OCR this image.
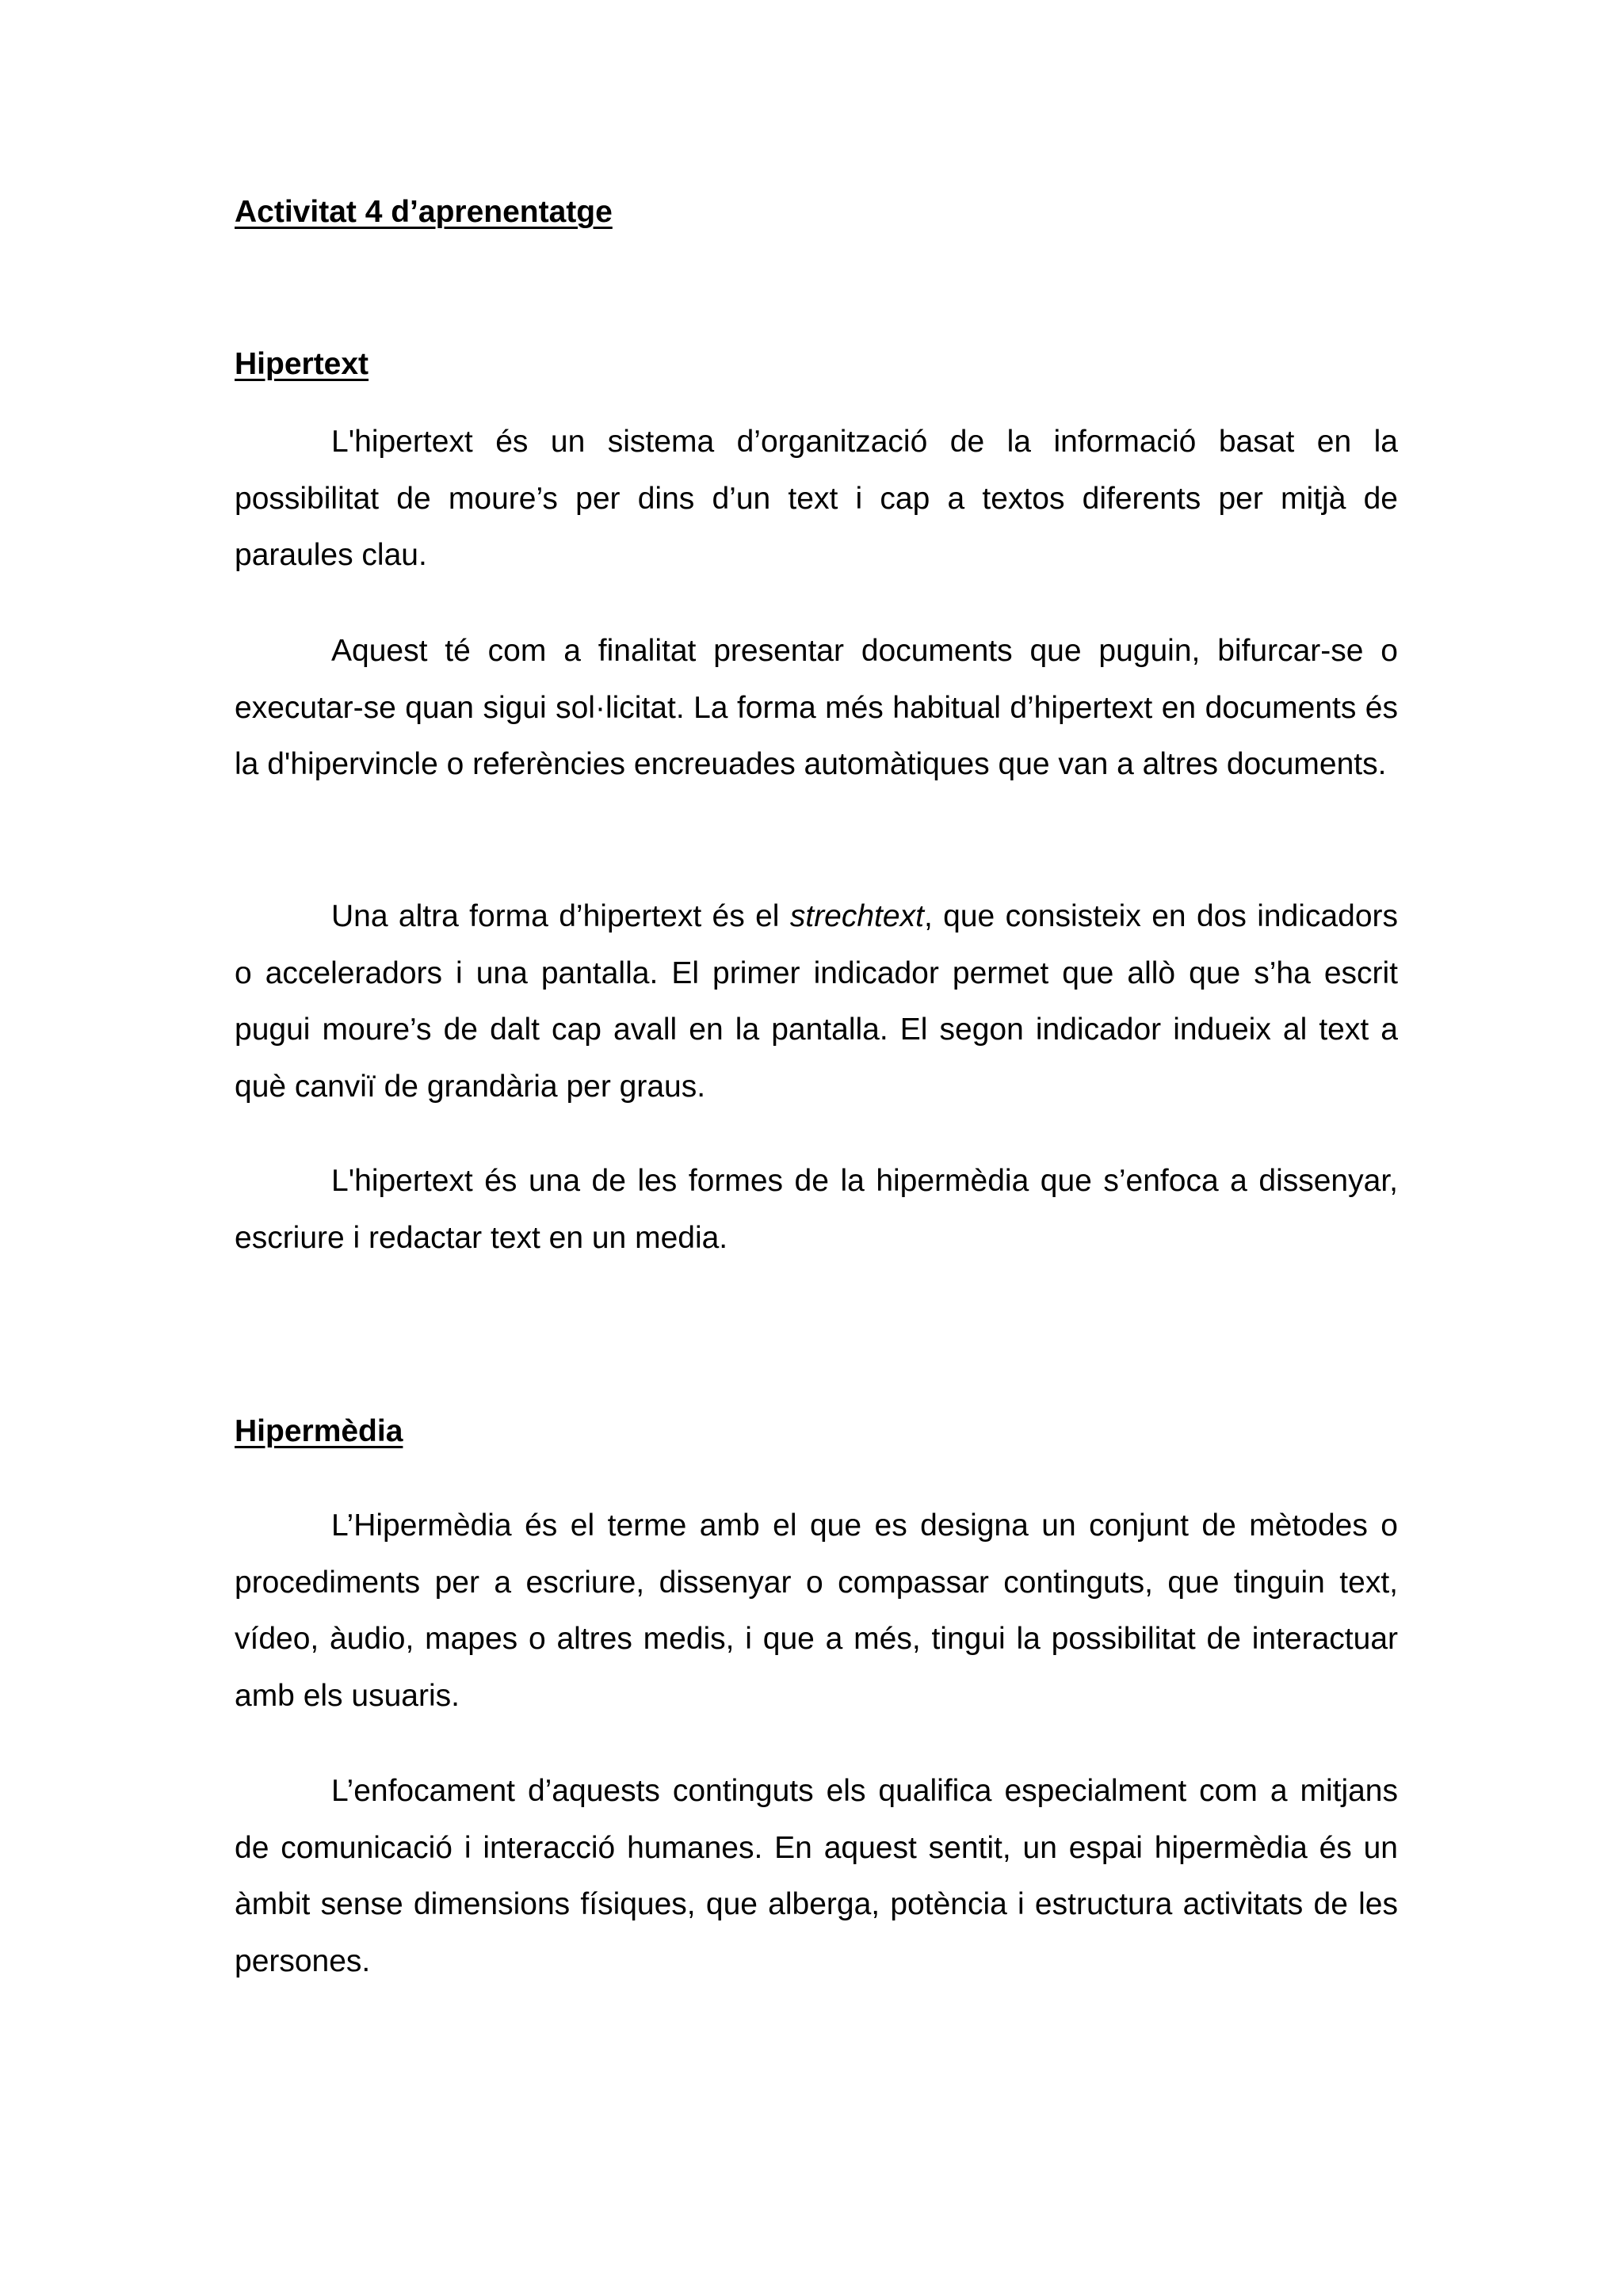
Activitat 4 d’aprenentatge
Hipertext

L'hipertext és un sistema d’organització de la informació basat en la possibilitat de moure’s per dins d’un text i cap a textos diferents per mitjà de paraules clau.

Aquest té com a finalitat presentar documents que puguin, bifurcar-se o executar-se quan sigui sol·licitat. La forma més habitual d’hipertext en documents és la d'hipervincle o referències encreuades automàtiques que van a altres documents.

Una altra forma d’hipertext és el strechtext, que consisteix en dos indicadors o acceleradors i una pantalla. El primer indicador permet que allò que s’ha escrit pugui moure’s de dalt cap avall en la pantalla. El segon indicador indueix al text a què canviï de grandària per graus.

L'hipertext és una de les formes de la hipermèdia que s’enfoca a dissenyar, escriure i redactar text en un media.

Hipermèdia

L’Hipermèdia és el terme amb el que es designa un conjunt de mètodes o procediments per a escriure, dissenyar o compassar continguts, que tinguin text, vídeo, àudio, mapes o altres medis, i que a més, tingui la possibilitat de interactuar amb els usuaris.

L’enfocament d’aquests continguts els qualifica especialment com a mitjans de comunicació i interacció humanes. En aquest sentit, un espai hipermèdia és un àmbit sense dimensions físiques, que alberga, potència i estructura activitats de les persones.
